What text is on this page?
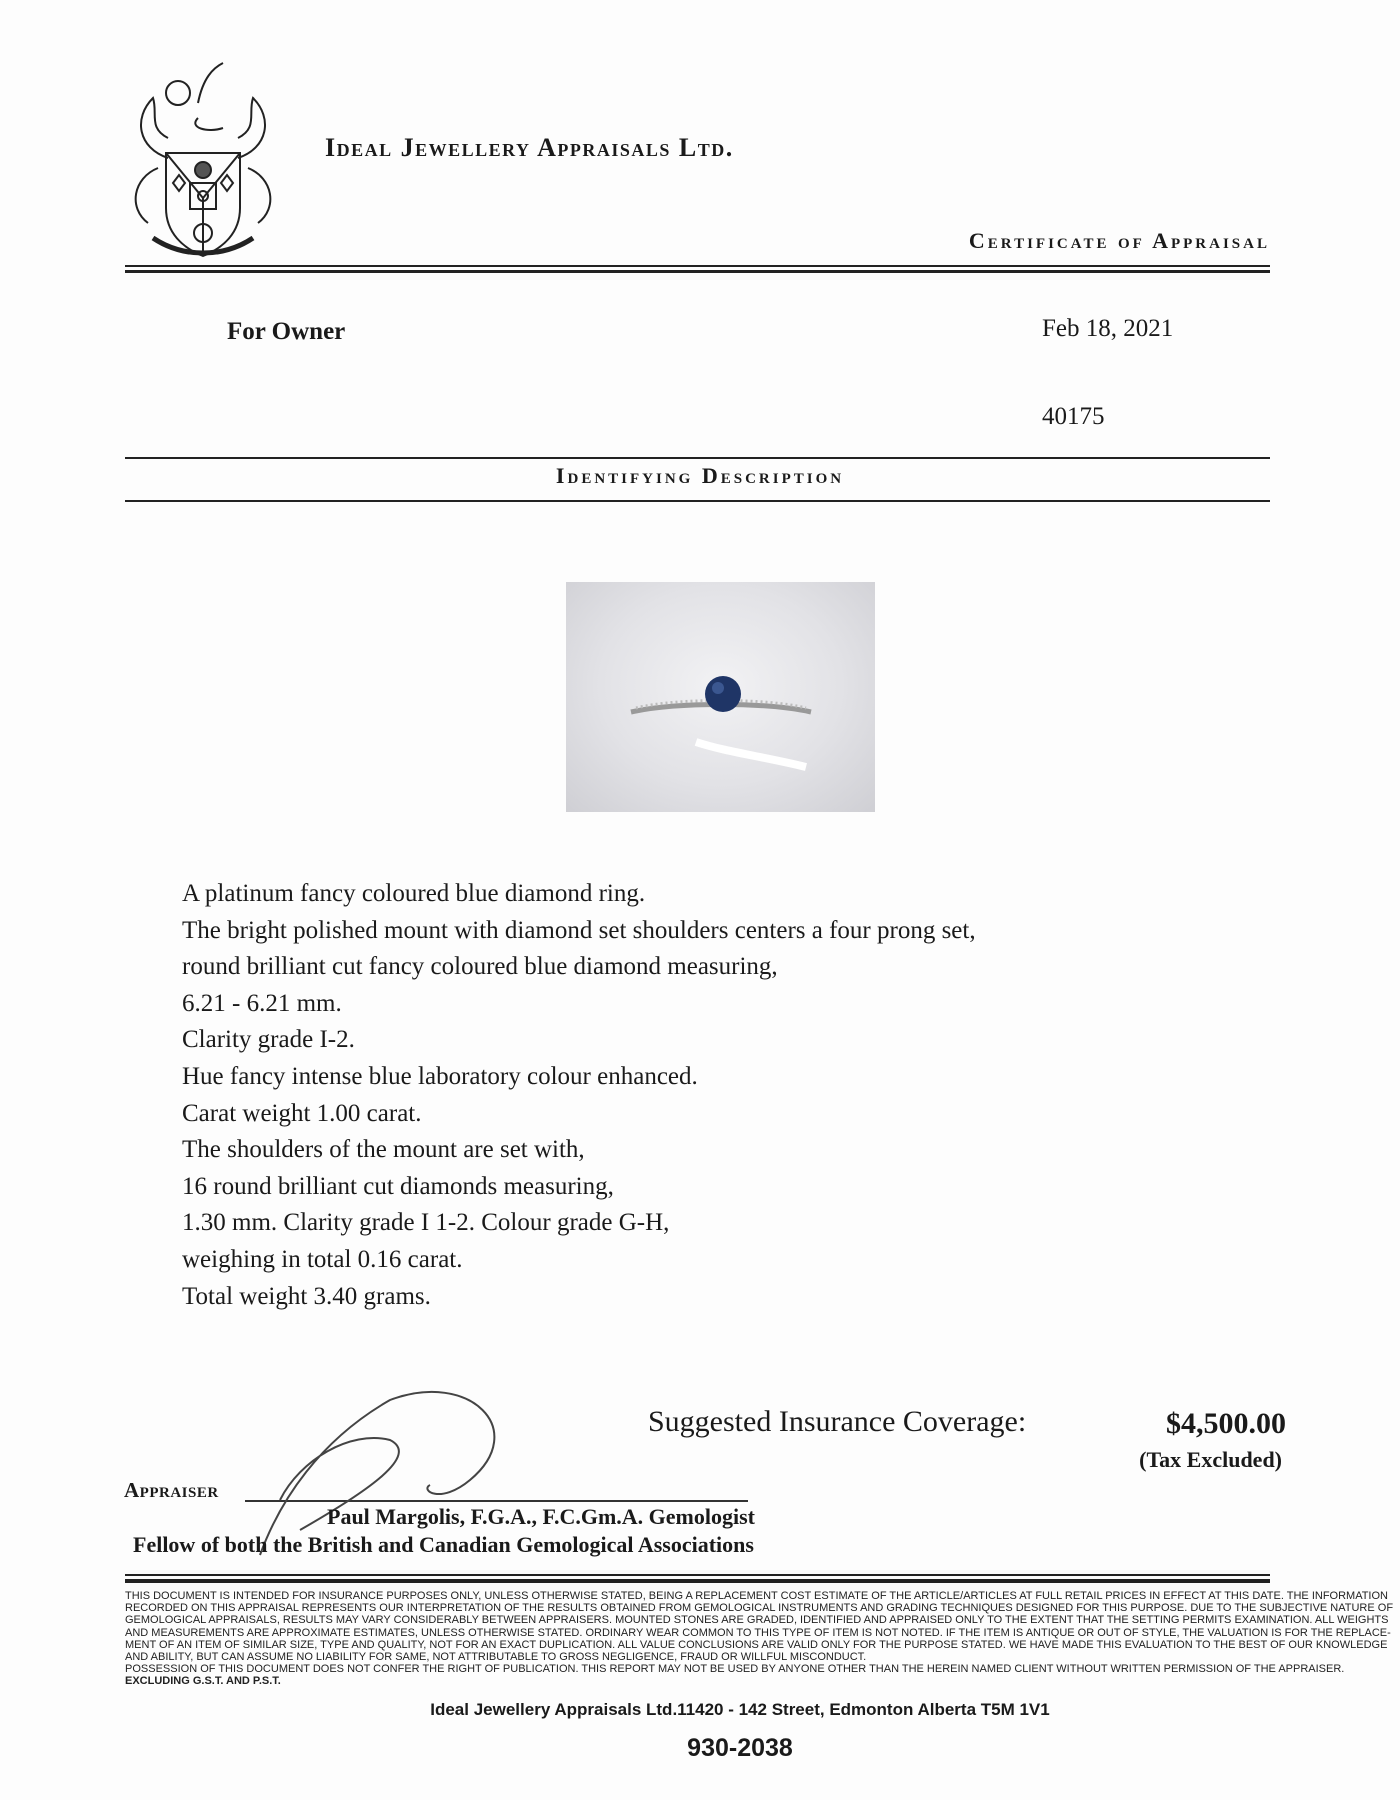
Ideal Jewellery Appraisals Ltd.
Certificate of Appraisal
For Owner	Feb 18, 2021
40175
Identifying Description
A platinum fancy coloured blue diamond ring.
The bright polished mount with diamond set shoulders centers a four prong set,
round brilliant cut fancy coloured blue diamond measuring,
6.21 - 6.21 mm.
Clarity grade I-2.
Hue fancy intense blue laboratory colour enhanced.
Carat weight 1.00 carat.
The shoulders of the mount are set with,
16 round brilliant cut diamonds measuring,
1.30 mm. Clarity grade I 1-2. Colour grade G-H,
weighing in total 0.16 carat.
Total weight 3.40 grams.
Suggested Insurance Coverage:	$4,500.00
(Tax Excluded)
Appraiser
Paul Margolis, F.G.A., F.C.Gm.A. Gemologist
Fellow of both the British and Canadian Gemological Associations
THIS DOCUMENT IS INTENDED FOR INSURANCE PURPOSES ONLY, UNLESS OTHERWISE STATED, BEING A REPLACEMENT COST ESTIMATE OF THE ARTICLE/ARTICLES AT FULL RETAIL PRICES IN EFFECT AT THIS DATE. THE INFORMATION
RECORDED ON THIS APPRAISAL REPRESENTS OUR INTERPRETATION OF THE RESULTS OBTAINED FROM GEMOLOGICAL INSTRUMENTS AND GRADING TECHNIQUES DESIGNED FOR THIS PURPOSE. DUE TO THE SUBJECTIVE NATURE OF
GEMOLOGICAL APPRAISALS, RESULTS MAY VARY CONSIDERABLY BETWEEN APPRAISERS. MOUNTED STONES ARE GRADED, IDENTIFIED AND APPRAISED ONLY TO THE EXTENT THAT THE SETTING PERMITS EXAMINATION. ALL WEIGHTS
AND MEASUREMENTS ARE APPROXIMATE ESTIMATES, UNLESS OTHERWISE STATED. ORDINARY WEAR COMMON TO THIS TYPE OF ITEM IS NOT NOTED. IF THE ITEM IS ANTIQUE OR OUT OF STYLE, THE VALUATION IS FOR THE REPLACE-
MENT OF AN ITEM OF SIMILAR SIZE, TYPE AND QUALITY, NOT FOR AN EXACT DUPLICATION. ALL VALUE CONCLUSIONS ARE VALID ONLY FOR THE PURPOSE STATED. WE HAVE MADE THIS EVALUATION TO THE BEST OF OUR KNOWLEDGE
AND ABILITY, BUT CAN ASSUME NO LIABILITY FOR SAME, NOT ATTRIBUTABLE TO GROSS NEGLIGENCE, FRAUD OR WILLFUL MISCONDUCT.
POSSESSION OF THIS DOCUMENT DOES NOT CONFER THE RIGHT OF PUBLICATION. THIS REPORT MAY NOT BE USED BY ANYONE OTHER THAN THE HEREIN NAMED CLIENT WITHOUT WRITTEN PERMISSION OF THE APPRAISER.
EXCLUDING G.S.T. AND P.S.T.
Ideal Jewellery Appraisals Ltd.11420 - 142 Street, Edmonton Alberta T5M 1V1
930-2038
